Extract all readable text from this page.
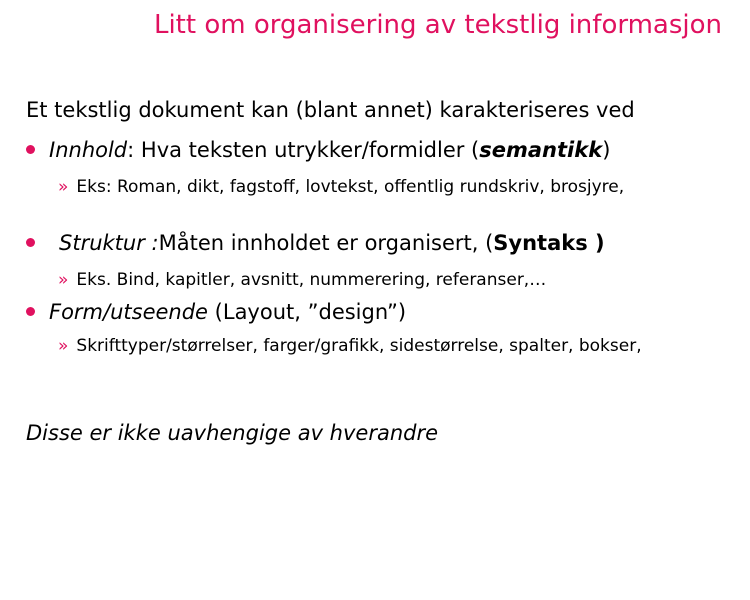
Litt om organisering av tekstlig informasjon
Et tekstlig dokument kan (blant annet) karakteriseres ved
Innhold: Hva teksten utrykker/formidler (semantikk)
» Eks: Roman, dikt, fagstoff, lovtekst, offentlig rundskriv, brosjyre,
Struktur :Måten innholdet er organisert, (Syntaks )
» Eks. Bind, kapitler, avsnitt, nummerering, referanser,…
Form/utseende (Layout, ”design”)
» Skrifttyper/størrelser, farger/grafikk, sidestørrelse, spalter, bokser,
Disse er ikke uavhengige av hverandre
